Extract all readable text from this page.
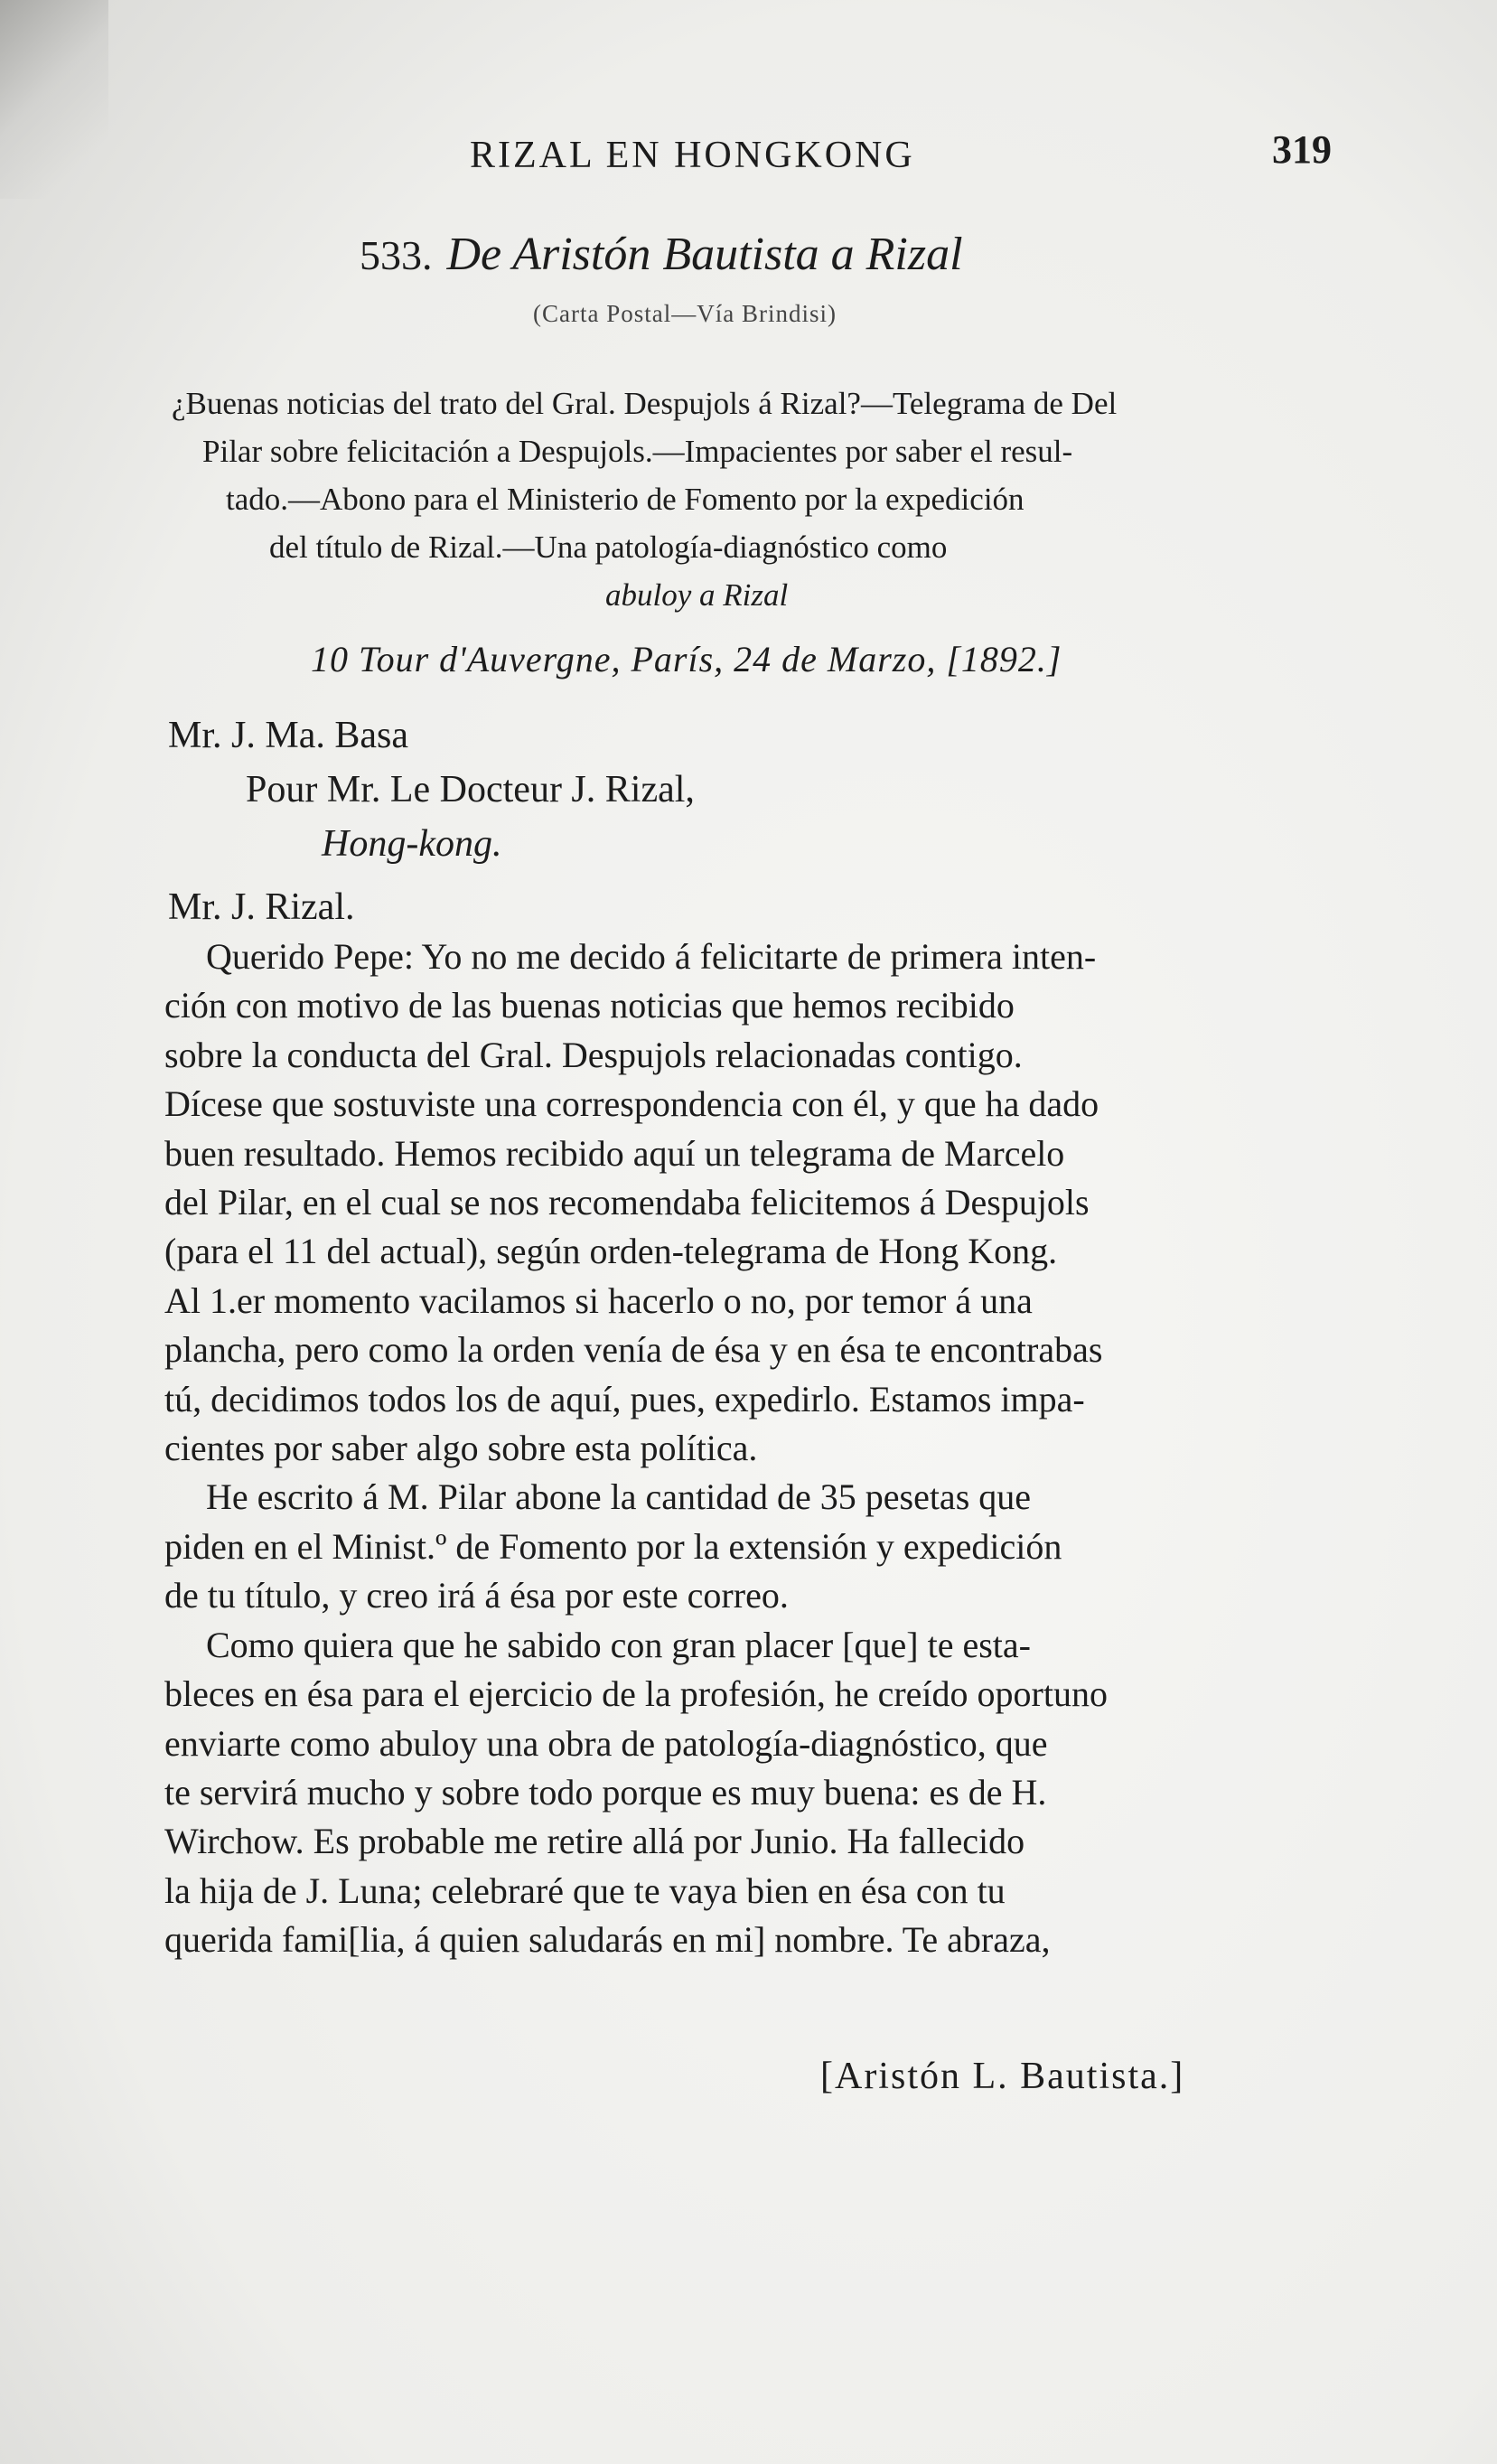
RIZAL EN HONGKONG	319
533. De Aristón Bautista a Rizal
(Carta Postal—Vía Brindisi)
¿Buenas noticias del trato del Gral. Despujols á Rizal?—Telegrama de Del
Pilar sobre felicitación a Despujols.—Impacientes por saber el resul-
tado.—Abono para el Ministerio de Fomento por la expedición
del título de Rizal.—Una patología-diagnóstico como
abuloy a Rizal
10 Tour d'Auvergne, París, 24 de Marzo, [1892.]
Mr. J. Ma. Basa
Pour Mr. Le Docteur J. Rizal,
Hong-kong.
Mr. J. Rizal.
Querido Pepe: Yo no me decido á felicitarte de primera inten-
ción con motivo de las buenas noticias que hemos recibido
sobre la conducta del Gral. Despujols relacionadas contigo.
Dícese que sostuviste una correspondencia con él, y que ha dado
buen resultado. Hemos recibido aquí un telegrama de Marcelo
del Pilar, en el cual se nos recomendaba felicitemos á Despujols
(para el 11 del actual), según orden-telegrama de Hong Kong.
Al 1.er momento vacilamos si hacerlo o no, por temor á una
plancha, pero como la orden venía de ésa y en ésa te encontrabas
tú, decidimos todos los de aquí, pues, expedirlo. Estamos impa-
cientes por saber algo sobre esta política.
He escrito á M. Pilar abone la cantidad de 35 pesetas que
piden en el Minist.º de Fomento por la extensión y expedición
de tu título, y creo irá á ésa por este correo.
Como quiera que he sabido con gran placer [que] te esta-
bleces en ésa para el ejercicio de la profesión, he creído oportuno
enviarte como abuloy una obra de patología-diagnóstico, que
te servirá mucho y sobre todo porque es muy buena: es de H.
Wirchow. Es probable me retire allá por Junio. Ha fallecido
la hija de J. Luna; celebraré que te vaya bien en ésa con tu
querida fami[lia, á quien saludarás en mi] nombre. Te abraza,
[Aristón L. Bautista.]
